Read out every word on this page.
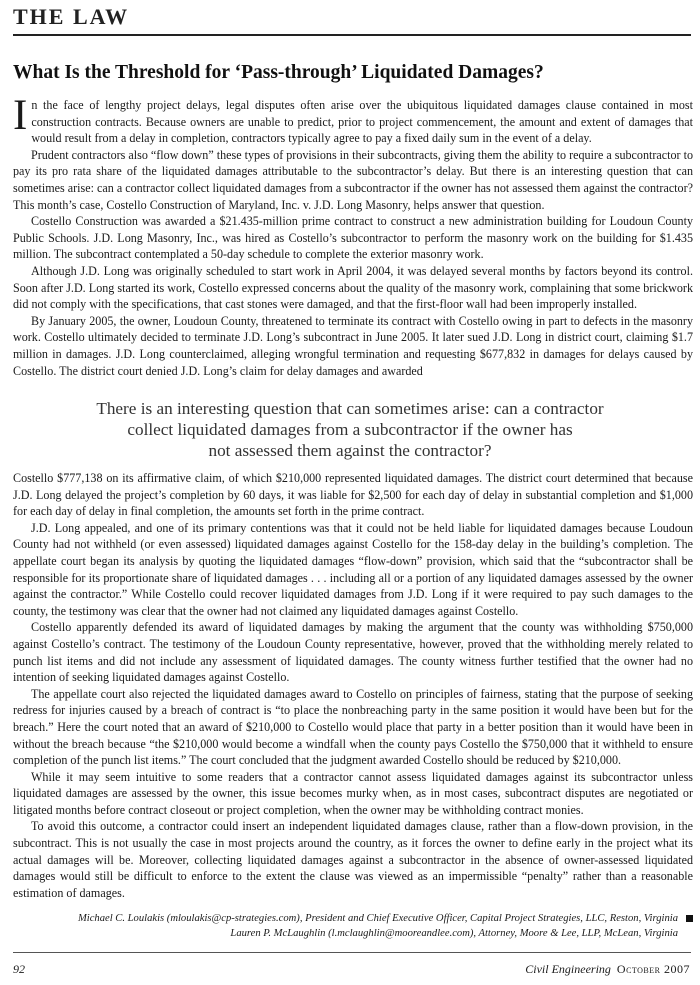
THE LAW
What Is the Threshold for ‘Pass-through’ Liquidated Damages?

In the face of lengthy project delays, legal disputes often arise over the ubiquitous liquidated damages clause contained in most construction contracts. Because owners are unable to predict, prior to project commencement, the amount and extent of damages that would result from a delay in completion, contractors typically agree to pay a fixed daily sum in the event of a delay.

Prudent contractors also “flow down” these types of provisions in their subcontracts, giving them the ability to require a subcontractor to pay its pro rata share of the liquidated damages attributable to the subcontractor’s delay. But there is an interesting question that can sometimes arise: can a contractor collect liquidated damages from a subcontractor if the owner has not assessed them against the contractor? This month’s case, Costello Construction of Maryland, Inc. v. J.D. Long Masonry, helps answer that question.

Costello Construction was awarded a $21.435-million prime contract to construct a new administration building for Loudoun County Public Schools. J.D. Long Masonry, Inc., was hired as Costello’s subcontractor to perform the masonry work on the building for $1.435 million. The subcontract contemplated a 50-day schedule to complete the exterior masonry work.

Although J.D. Long was originally scheduled to start work in April 2004, it was delayed several months by factors beyond its control. Soon after J.D. Long started its work, Costello expressed concerns about the quality of the masonry work, complaining that some brickwork did not comply with the specifications, that cast stones were damaged, and that the first-floor wall had been improperly installed.

By January 2005, the owner, Loudoun County, threatened to terminate its contract with Costello owing in part to defects in the masonry work. Costello ultimately decided to terminate J.D. Long’s subcontract in June 2005. It later sued J.D. Long in district court, claiming $1.7 million in damages. J.D. Long counterclaimed, alleging wrongful termination and requesting $677,832 in damages for delays caused by Costello. The district court denied J.D. Long’s claim for delay damages and awarded

There is an interesting question that can sometimes arise: can a contractor
collect liquidated damages from a subcontractor if the owner has
not assessed them against the contractor?

Costello $777,138 on its affirmative claim, of which $210,000 represented liquidated damages. The district court determined that because J.D. Long delayed the project’s completion by 60 days, it was liable for $2,500 for each day of delay in substantial completion and $1,000 for each day of delay in final completion, the amounts set forth in the prime contract.

J.D. Long appealed, and one of its primary contentions was that it could not be held liable for liquidated damages because Loudoun County had not withheld (or even assessed) liquidated damages against Costello for the 158-day delay in the building’s completion. The appellate court began its analysis by quoting the liquidated damages “flow-down” provision, which said that the “subcontractor shall be responsible for its proportionate share of liquidated damages . . . including all or a portion of any liquidated damages assessed by the owner against the contractor.” While Costello could recover liquidated damages from J.D. Long if it were required to pay such damages to the county, the testimony was clear that the owner had not claimed any liquidated damages against Costello.

Costello apparently defended its award of liquidated damages by making the argument that the county was withholding $750,000 against Costello’s contract. The testimony of the Loudoun County representative, however, proved that the withholding merely related to punch list items and did not include any assessment of liquidated damages. The county witness further testified that the owner had no intention of seeking liquidated damages against Costello.

The appellate court also rejected the liquidated damages award to Costello on principles of fairness, stating that the purpose of seeking redress for injuries caused by a breach of contract is “to place the nonbreaching party in the same position it would have been but for the breach.” Here the court noted that an award of $210,000 to Costello would place that party in a better position than it would have been in without the breach because “the $210,000 would become a windfall when the county pays Costello the $750,000 that it withheld to ensure completion of the punch list items.” The court concluded that the judgment awarded Costello should be reduced by $210,000.

While it may seem intuitive to some readers that a contractor cannot assess liquidated damages against its subcontractor unless liquidated damages are assessed by the owner, this issue becomes murky when, as in most cases, subcontract disputes are negotiated or litigated months before contract closeout or project completion, when the owner may be withholding contract monies.

To avoid this outcome, a contractor could insert an independent liquidated damages clause, rather than a flow-down provision, in the subcontract. This is not usually the case in most projects around the country, as it forces the owner to define early in the project what its actual damages will be. Moreover, collecting liquidated damages against a subcontractor in the absence of owner-assessed liquidated damages would still be difficult to enforce to the extent the clause was viewed as an impermissible “penalty” rather than a reasonable estimation of damages.

Michael C. Loulakis (mloulakis@cp-strategies.com), President and Chief Executive Officer, Capital Project Strategies, LLC, Reston, Virginia
Lauren P. McLaughlin (l.mclaughlin@mooreandlee.com), Attorney, Moore & Lee, LLP, McLean, Virginia
92	Civil Engineering October 2007
